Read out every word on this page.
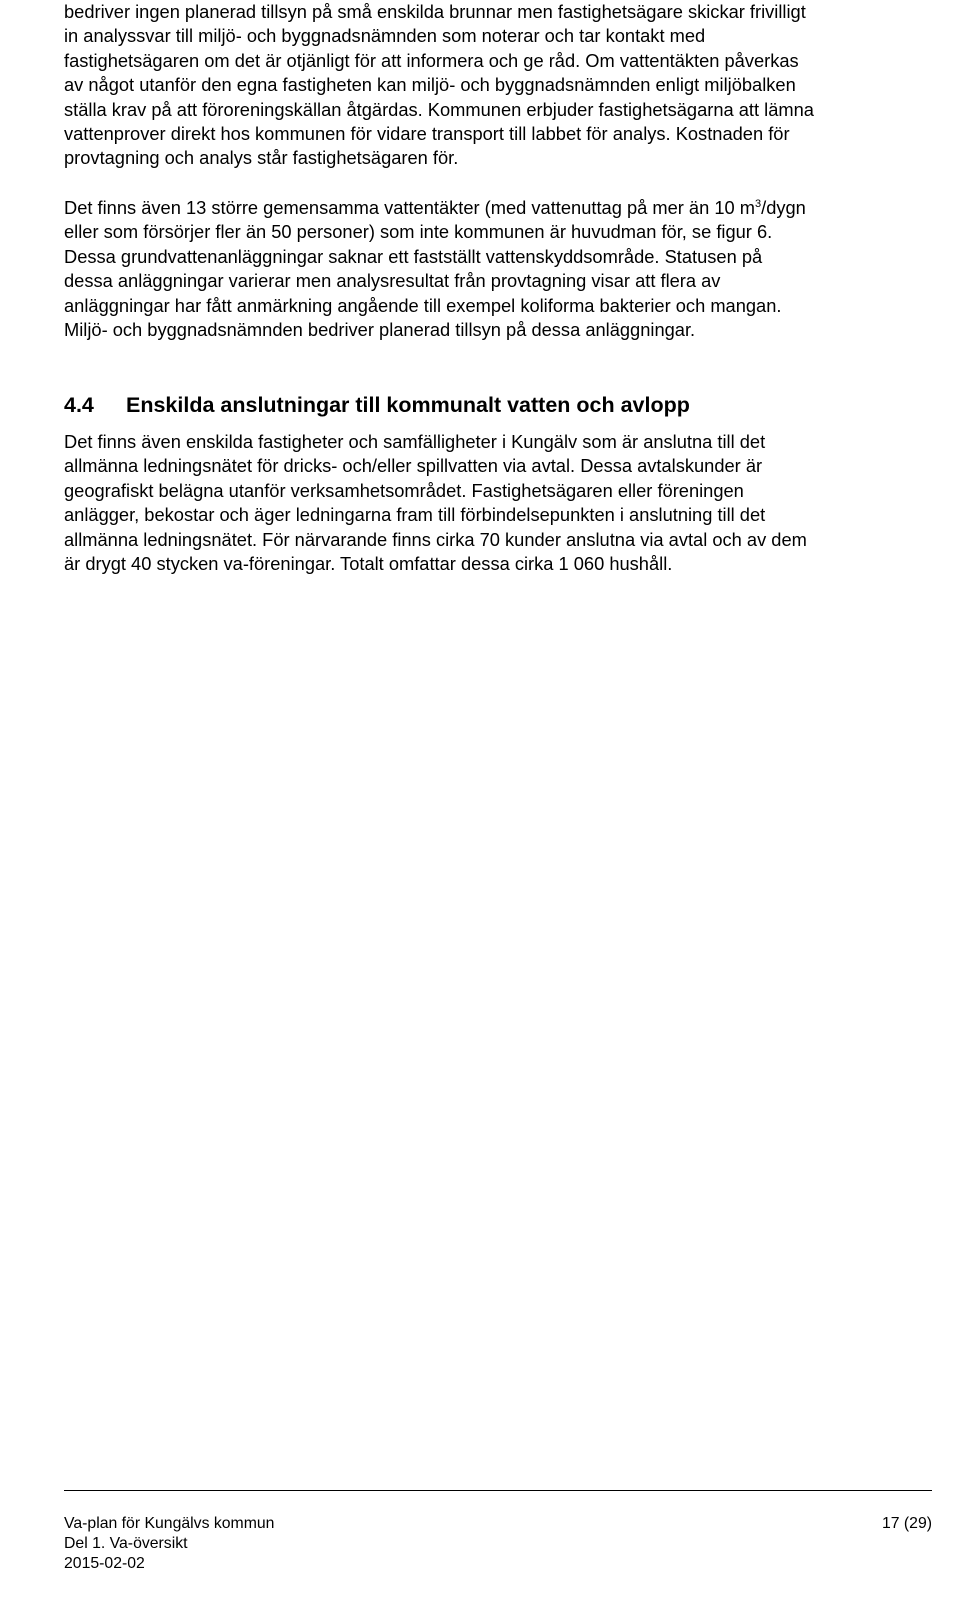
bedriver ingen planerad tillsyn på små enskilda brunnar men fastighetsägare skickar frivilligt
in analyssvar till miljö- och byggnadsnämnden som noterar och tar kontakt med
fastighetsägaren om det är otjänligt för att informera och ge råd. Om vattentäkten påverkas
av något utanför den egna fastigheten kan miljö- och byggnadsnämnden enligt miljöbalken
ställa krav på att föroreningskällan åtgärdas. Kommunen erbjuder fastighetsägarna att lämna
vattenprover direkt hos kommunen för vidare transport till labbet för analys. Kostnaden för
provtagning och analys står fastighetsägaren för.
Det finns även 13 större gemensamma vattentäkter (med vattenuttag på mer än 10 $m^3$/dygn
eller som försörjer fler än 50 personer) som inte kommunen är huvudman för, se figur 6.
Dessa grundvattenanläggningar saknar ett fastställt vattenskyddsområde. Statusen på
dessa anläggningar varierar men analysresultat från provtagning visar att flera av
anläggningar har fått anmärkning angående till exempel koliforma bakterier och mangan.
Miljö- och byggnadsnämnden bedriver planerad tillsyn på dessa anläggningar.
4.4 Enskilda anslutningar till kommunalt vatten och avlopp
Det finns även enskilda fastigheter och samfälligheter i Kungälv som är anslutna till det
allmänna ledningsnätet för dricks- och/eller spillvatten via avtal. Dessa avtalskunder är
geografiskt belägna utanför verksamhetsområdet. Fastighetsägaren eller föreningen
anlägger, bekostar och äger ledningarna fram till förbindelsepunkten i anslutning till det
allmänna ledningsnätet. För närvarande finns cirka 70 kunder anslutna via avtal och av dem
är drygt 40 stycken va-föreningar. Totalt omfattar dessa cirka 1 060 hushåll.
Va-plan för Kungälvs kommun	17 (29)
Del 1. Va-översikt
2015-02-02
